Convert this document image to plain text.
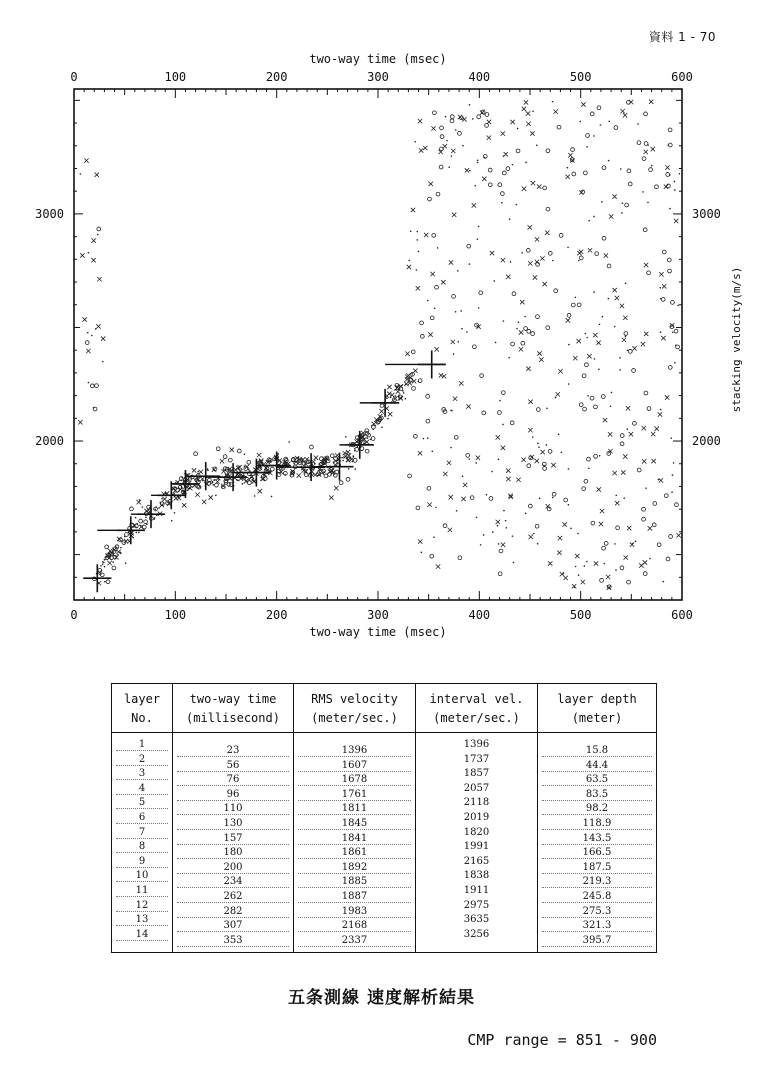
資料 1 - 70
0
0
100
100
200
200
300
300
400
400
500
500
600
600
2000	2000
3000	3000
two-way time (msec)
two-way time (msec)
stacking velocity(m/s)
layer
No.
two-way time
(millisecond)
RMS velocity
(meter/sec.)
interval vel.
(meter/sec.)
layer depth
(meter)
1
2
3
4
5
6
7
8
9
10
11
12
13
14
23
56
76
96
110
130
157
180
200
234
262
282
307
353
1396
1607
1678
1761
1811
1845
1841
1861
1892
1885
1887
1983
2168
2337
1396
1737
1857
2057
2118
2019
1820
1991
2165
1838
1911
2975
3635
3256
15.8
44.4
63.5
83.5
98.2
118.9
143.5
166.5
187.5
219.3
245.8
275.3
321.3
395.7
五条測線 速度解析結果
CMP range = 851 - 900
